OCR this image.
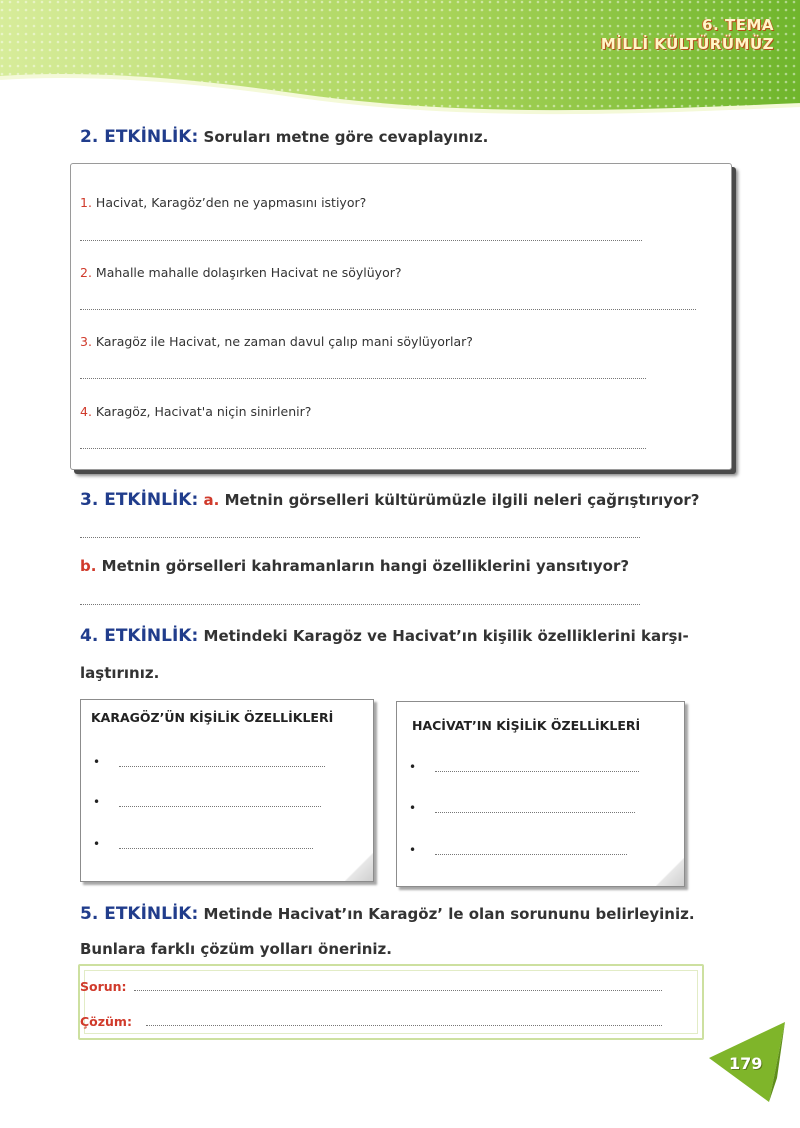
6. TEMA
MİLLİ KÜLTÜRÜMÜZ
2. ETKİNLİK: Soruları metne göre cevaplayınız.
1. Hacivat, Karagöz’den ne yapmasını istiyor?
2. Mahalle mahalle dolaşırken Hacivat ne söylüyor?
3. Karagöz ile Hacivat, ne zaman davul çalıp mani söylüyorlar?
4. Karagöz, Hacivat'a niçin sinirlenir?
3. ETKİNLİK: a. Metnin görselleri kültürümüzle ilgili neleri çağrıştırıyor?
b. Metnin görselleri kahramanların hangi özelliklerini yansıtıyor?
4. ETKİNLİK: Metindeki Karagöz ve Hacivat’ın kişilik özelliklerini karşı-
laştırınız.
KARAGÖZ’ÜN KİŞİLİK ÖZELLİKLERİ
•
•
•
HACİVAT’IN KİŞİLİK ÖZELLİKLERİ
•
•
•
5. ETKİNLİK: Metinde Hacivat’ın Karagöz’ le olan sorununu belirleyiniz.
Bunlara farklı çözüm yolları öneriniz.
Sorun:
Çözüm:
179
